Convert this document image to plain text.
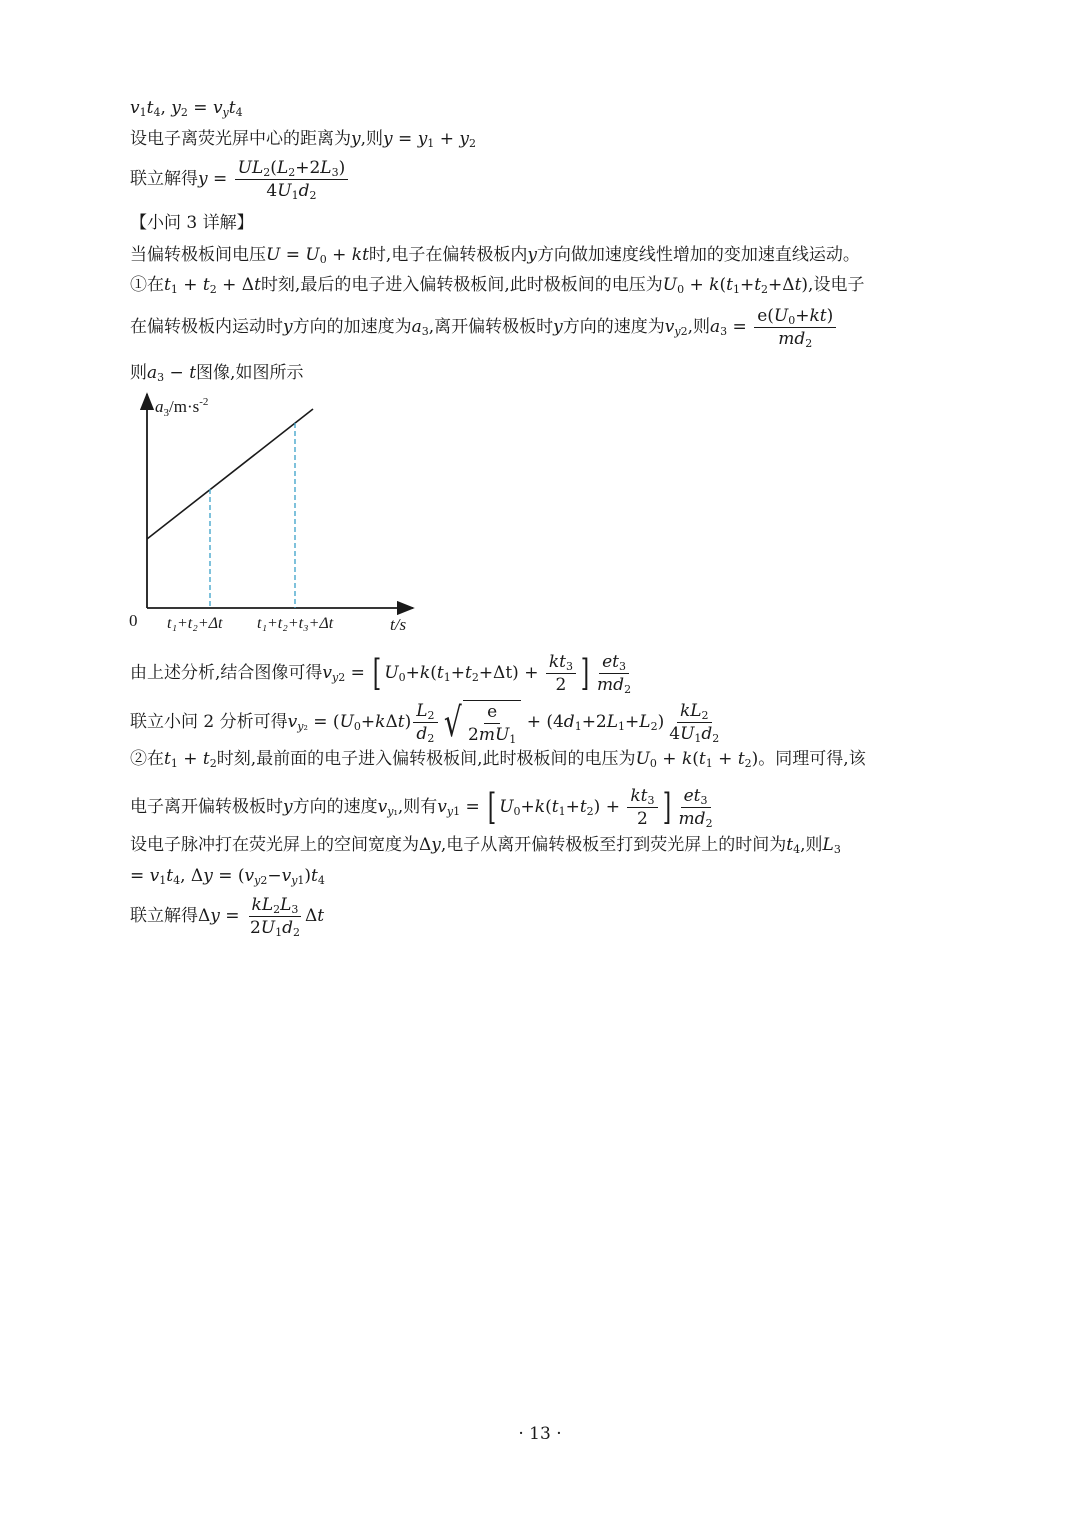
$v_1t_4$, $y_2 = v_yt_4$
设电子离荧光屏中心的距离为y,则$y = y_1 + y_2$
联立解得$y = \frac{UL_2(L_2+2L_3)}{4U_1d_2}$
【小问 3 详解】
当偏转极板间电压$U = U_0$ + kt时,电子在偏转极板内y方向做加速度线性增加的变加速直线运动。
①在$t_1 + t_2 + \Delta t$时刻,最后的电子进入偏转极板间,此时极板间的电压为$U_0 + k(t_1+t_2+\Delta t)$,设电子
在偏转极板内运动时y方向的加速度为$a_3$,离开偏转极板时y方向的速度为$v_{y2}$,则$a_3 = \frac{e(U_0+kt)}{md_2}$
则$a_3 - t$图像,如图所示
$a_3/m\cdot s^{-2}$
0 t₁+t₂+Δt t₁+t₂+t₃+Δt	t/s
由上述分析,结合图像可得$v_{y2}$ = [ $U_0+k(t_1+t_2+\Delta t) + \frac{kt_3}{2}$ ] $\frac{et_3}{md_2}$
联立小问 2 分析可得$v_{y_2} = (U_0+k\Delta t) \frac{L_2}{d_2}$ √ $\frac{e}{2mU_1} + (4d_1+2L_1+L_2) \frac{kL_2}{4U_1d_2}$
②在$t_1 + t_2$时刻,最前面的电子进入偏转极板间,此时极板间的电压为$U_0 + k(t_1 + t_2)$。同理可得,该
电子离开偏转极板时y方向的速度$v_{y_1}$,则有$v_{y1}$ = [ $U_0+k(t_1+t_2) + \frac{kt_3}{2}$ ] $\frac{et_3}{md_2}$
设电子脉冲打在荧光屏上的空间宽度为Δy,电子从离开偏转极板至打到荧光屏上的时间为$t_4$,则$L_3$
= $v_1t_4$, $\Delta y = (v_{y2}-v_{y1})t_4$
联立解得$\Delta y = \frac{kL_2L_3}{2U_1d_2}$ Δt
· 13 ·
